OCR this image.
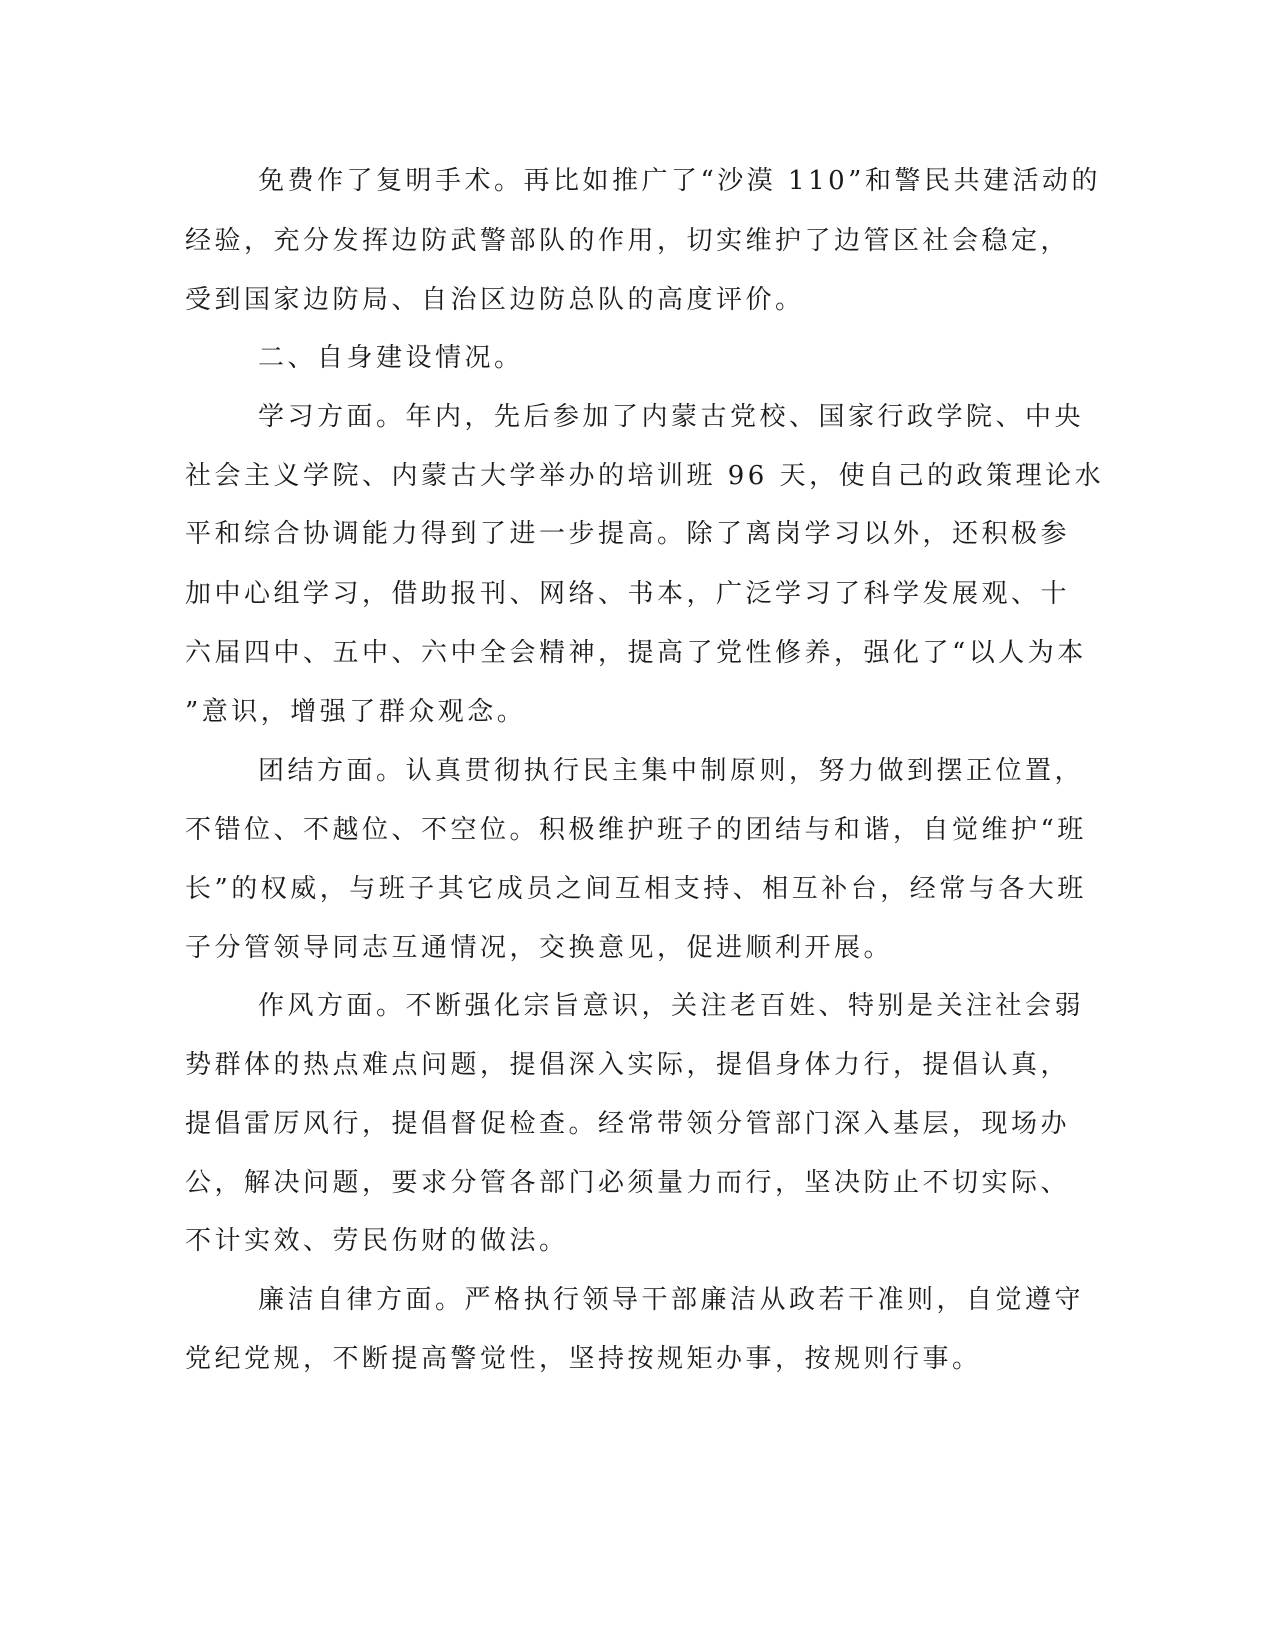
免费作了复明手术。再比如推广了“沙漠 110”和警民共建活动的
经验，充分发挥边防武警部队的作用，切实维护了边管区社会稳定，
受到国家边防局、自治区边防总队的高度评价。
二、自身建设情况。
学习方面。年内，先后参加了内蒙古党校、国家行政学院、中央
社会主义学院、内蒙古大学举办的培训班 96 天，使自己的政策理论水
平和综合协调能力得到了进一步提高。除了离岗学习以外，还积极参
加中心组学习，借助报刊、网络、书本，广泛学习了科学发展观、十
六届四中、五中、六中全会精神，提高了党性修养，强化了“以人为本
”意识，增强了群众观念。
团结方面。认真贯彻执行民主集中制原则，努力做到摆正位置，
不错位、不越位、不空位。积极维护班子的团结与和谐，自觉维护“班
长”的权威，与班子其它成员之间互相支持、相互补台，经常与各大班
子分管领导同志互通情况，交换意见，促进顺利开展。
作风方面。不断强化宗旨意识，关注老百姓、特别是关注社会弱
势群体的热点难点问题，提倡深入实际，提倡身体力行，提倡认真，
提倡雷厉风行，提倡督促检查。经常带领分管部门深入基层，现场办
公，解决问题，要求分管各部门必须量力而行，坚决防止不切实际、
不计实效、劳民伤财的做法。
廉洁自律方面。严格执行领导干部廉洁从政若干准则，自觉遵守
党纪党规，不断提高警觉性，坚持按规矩办事，按规则行事。
